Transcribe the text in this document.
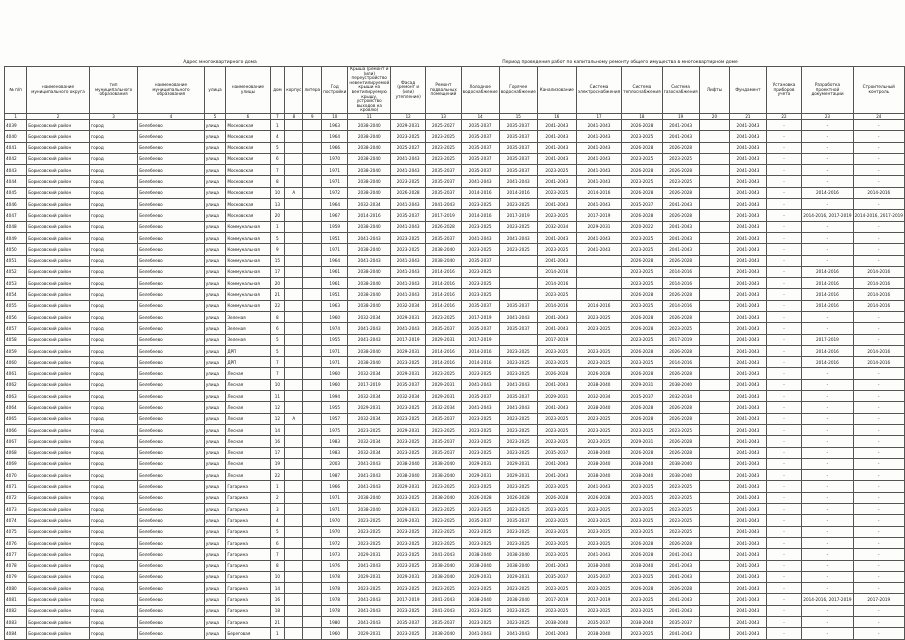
Адрес многоквартирного дома	Период проведения работ по капитальному ремонту общего имущества в многоквартирном доме
№ п/п	наименование муниципального округа	тип муниципального образования	наименование муниципального образования	улица	наименование улицы	дом	корпус	литера	Год постройки	Крыша (ремонт и (или) переустройство невентилируемой крыши на вентилируемую крышу, устройство выходов на кровлю)	Фасад (ремонт и (или) утепление)	Ремонт подвальных помещений	Холодное водоснабжение	Горячее водоснабжение	Канализование	Система электроснабжения	Система теплоснабжения	Система газоснабжения	Лифты	Фундамент	Установка приборов учета	Разработка проектной документации	Строительный контроль
1	2	3	4	5	6	7	8	9	10	11	12	13	14	15	16	17	18	19	20	21	22	23	24
4039	Борисовский район	город	Белебеево	улица	Московская	1			1963	2038-2040	2029-2031	2025-2027	2035-2037	2035-2037	2041-2043	2041-2043	2026-2028	2041-2043		2041-2043	-	-	-
4040	Борисовский район	город	Белебеево	улица	Московская	4			1964	2038-2040	2023-2025	2023-2025	2035-2037	2035-2037	2041-2043	2041-2043	2023-2025	2041-2043		2041-2043	-	-	-
4041	Борисовский район	город	Белебеево	улица	Московская	5			1966	2038-2040	2025-2027	2023-2025	2035-2037	2035-2037	2041-2043	2041-2043	2026-2028	2026-2028		2041-2043	-	-	-
4042	Борисовский район	город	Белебеево	улица	Московская	6			1970	2038-2040	2041-2043	2023-2025	2035-2037	2035-2037	2041-2043	2041-2043	2023-2025	2023-2025		2041-2043	-	-	-
4043	Борисовский район	город	Белебеево	улица	Московская	7			1971	2038-2040	2041-2043	2035-2037	2035-2037	2035-2037	2023-2025	2041-2043	2026-2028	2026-2028		2041-2043	-	-	-
4044	Борисовский район	город	Белебеево	улица	Московская	8			1971	2038-2040	2023-2025	2035-2037	2041-2043	2041-2043	2041-2043	2041-2043	2023-2025	2023-2025		2041-2043	-	-	-
4045	Борисовский район	город	Белебеево	улица	Московская	10	А		1972	2038-2040	2026-2028	2035-2037	2014-2016	2014-2016	2023-2025	2014-2016	2026-2028	2026-2028		2041-2043	-	2014-2016	2014-2016
4046	Борисовский район	город	Белебеево	улица	Московская	13			1964	2032-2034	2041-2043	2041-2043	2023-2025	2023-2025	2041-2043	2041-2043	2035-2037	2041-2043		2041-2043	-	-	-
4047	Борисовский район	город	Белебеево	улица	Московская	20			1967	2014-2016	2035-2037	2017-2019	2014-2016	2017-2019	2023-2025	2017-2019	2026-2028	2026-2028		2041-2043	-	2014-2016, 2017-2019	2014-2016, 2017-2019
4048	Борисовский район	город	Белебеево	улица	Коммунальная	1			1959	2038-2040	2041-2043	2026-2028	2023-2025	2023-2025	2032-2034	2029-2031	2020-2022	2041-2043		2041-2043	-	-	-
4049	Борисовский район	город	Белебеево	улица	Коммунальная	5			1951	2041-2043	2023-2025	2035-2037	2041-2043	2041-2043	2041-2043	2041-2043	2023-2025	2041-2043		2041-2043	-	-	-
4050	Борисовский район	город	Белебеево	улица	Коммунальная	9			1971	2038-2040	2023-2025	2038-2040	2023-2025	2023-2025	2023-2025	2041-2043	2023-2025	2041-2043		2041-2043	-	-	-
4051	Борисовский район	город	Белебеево	улица	Коммунальная	15			1964	2041-2043	2041-2043	2038-2040	2035-2037		2041-2043		2026-2028	2026-2028		2041-2043	-	-	-
4052	Борисовский район	город	Белебеево	улица	Коммунальная	17			1961	2038-2040	2041-2043	2014-2016	2023-2025		2014-2016		2023-2025	2014-2016		2041-2043	-	2014-2016	2014-2016
4053	Борисовский район	город	Белебеево	улица	Коммунальная	20			1961	2038-2040	2041-2043	2014-2016	2023-2025		2014-2016		2023-2025	2014-2016		2041-2043	-	2014-2016	2014-2016
4054	Борисовский район	город	Белебеево	улица	Коммунальная	21			1951	2038-2040	2041-2043	2014-2016	2023-2025		2023-2025		2026-2028	2026-2028		2041-2043	-	2014-2016	2014-2016
4055	Борисовский район	город	Белебеево	улица	Коммунальная	22			1963	2038-2040	2032-2034	2014-2016	2035-2037	2035-2037	2014-2016	2014-2016	2023-2025	2014-2016		2041-2043	-	2014-2016	2014-2016
4056	Борисовский район	город	Белебеево	улица	Зеленая	8			1960	2032-2034	2029-2031	2023-2025	2017-2019	2041-2043	2041-2043	2023-2025	2026-2028	2026-2028		2041-2043	-	-	-
4057	Борисовский район	город	Белебеево	улица	Зеленая	6			1974	2041-2043	2041-2043	2035-2037	2035-2037	2035-2037	2041-2043	2023-2025	2026-2028	2023-2025		2041-2043	-	-	-
4058	Борисовский район	город	Белебеево	улица	Зеленая	5			1955	2041-2043	2017-2019	2029-2031	2017-2019		2017-2019		2023-2025	2017-2019		2041-2043	-	2017-2019	-
4059	Борисовский район	город	Белебеево	улица	ДРП	5			1971	2038-2040	2029-2031	2014-2016	2014-2016	2023-2025	2023-2025	2023-2025	2026-2028	2026-2028		2041-2043	-	2014-2016	2014-2016
4060	Борисовский район	город	Белебеево	улица	ДРП	7			1971	2038-2040	2023-2025	2014-2016	2014-2016	2023-2025	2023-2025	2023-2025	2023-2025	2014-2016		2041-2043	-	2014-2016	2014-2016
4061	Борисовский район	город	Белебеево	улица	Лесная	7			1960	2032-2034	2029-2031	2023-2025	2023-2025	2023-2025	2026-2028	2026-2028	2026-2028	2026-2028		2041-2043	-	-	-
4062	Борисовский район	город	Белебеево	улица	Лесная	10			1960	2017-2019	2035-2037	2029-2031	2041-2043	2041-2043	2041-2043	2038-2040	2029-2031	2038-2040		2041-2043	-	-	-
4063	Борисовский район	город	Белебеево	улица	Лесная	11			1994	2032-2034	2032-2034	2029-2031	2035-2037	2035-2037	2029-2031	2032-2034	2035-2037	2032-2034		2041-2043	-	-	-
4064	Борисовский район	город	Белебеево	улица	Лесная	12			1955	2029-2031	2023-2025	2032-2034	2041-2043	2041-2043	2041-2043	2038-2040	2026-2028	2026-2028		2041-2043	-	-	-
4065	Борисовский район	город	Белебеево	улица	Лесная	12	А		1957	2032-2034	2023-2025	2035-2037	2023-2025	2023-2025	2023-2025	2023-2025	2026-2028	2026-2028		2041-2043	-	-	-
4066	Борисовский район	город	Белебеево	улица	Лесная	14			1975	2023-2025	2029-2031	2023-2025	2023-2025	2023-2025	2023-2025	2023-2025	2023-2025	2023-2025		2041-2043	-	-	-
4067	Борисовский район	город	Белебеево	улица	Лесная	16			1983	2032-2034	2023-2025	2035-2037	2023-2025	2023-2025	2023-2025	2023-2025	2029-2031	2026-2028		2041-2043	-	-	-
4068	Борисовский район	город	Белебеево	улица	Лесная	17			1983	2032-2034	2023-2025	2035-2037	2023-2025	2023-2025	2035-2037	2038-2040	2026-2028	2026-2028		2041-2043	-	-	-
4069	Борисовский район	город	Белебеево	улица	Лесная	19			2003	2041-2043	2038-2040	2038-2040	2029-2031	2029-2031	2041-2043	2038-2040	2038-2040	2038-2040		2041-2043	-	-	-
4070	Борисовский район	город	Белебеево	улица	Лесная	22			1987	2041-2043	2038-2040	2038-2040	2029-2031	2029-2031	2041-2043	2038-2040	2038-2040	2038-2040		2041-2043	-	-	-
4071	Борисовский район	город	Белебеево	улица	Гагарина	1			1966	2041-2043	2029-2031	2023-2025	2023-2025	2023-2025	2023-2025	2041-2043	2023-2025	2023-2025		2041-2043	-	-	-
4072	Борисовский район	город	Белебеево	улица	Гагарина	2			1971	2038-2040	2023-2025	2038-2040	2026-2028	2026-2028	2026-2028	2026-2028	2023-2025	2023-2025		2041-2043	-	-	-
4073	Борисовский район	город	Белебеево	улица	Гагарина	3			1971	2038-2040	2029-2031	2023-2025	2023-2025	2023-2025	2023-2025	2023-2025	2023-2025	2023-2025		2041-2043	-	-	-
4074	Борисовский район	город	Белебеево	улица	Гагарина	4			1970	2023-2025	2029-2031	2023-2025	2035-2037	2035-2037	2023-2025	2023-2025	2023-2025	2023-2025		2041-2043	-	-	-
4075	Борисовский район	город	Белебеево	улица	Гагарина	5			1970	2023-2025	2023-2025	2023-2025	2023-2025	2023-2025	2023-2025	2023-2025	2023-2025	2023-2025		2041-2043	-	-	-
4076	Борисовский район	город	Белебеево	улица	Гагарина	6			1972	2023-2025	2023-2025	2023-2025	2023-2025	2023-2025	2023-2025	2023-2025	2026-2028	2026-2028		2041-2043	-	-	-
4077	Борисовский район	город	Белебеево	улица	Гагарина	7			1973	2029-2031	2023-2025	2041-2043	2038-2040	2038-2040	2023-2025	2041-2043	2026-2028	2041-2043		2041-2043	-	-	-
4078	Борисовский район	город	Белебеево	улица	Гагарина	8			1976	2041-2043	2023-2025	2038-2040	2038-2040	2038-2040	2041-2043	2038-2040	2038-2040	2041-2043		2041-2043	-	-	-
4079	Борисовский район	город	Белебеево	улица	Гагарина	10			1978	2029-2031	2029-2031	2038-2040	2029-2031	2029-2031	2035-2037	2035-2037	2023-2025	2041-2043		2041-2043	-	-	-
4080	Борисовский район	город	Белебеево	улица	Гагарина	14			1978	2023-2025	2023-2025	2023-2025	2023-2025	2023-2025	2023-2025	2023-2025	2026-2028	2026-2028		2041-2043	-	-	-
4081	Борисовский район	город	Белебеево	улица	Гагарина	16			1978	2041-2043	2017-2019	2041-2043	2038-2040	2038-2040	2017-2019	2017-2019	2023-2025	2041-2043		2041-2043	-	2014-2016, 2017-2019	2017-2019
4082	Борисовский район	город	Белебеево	улица	Гагарина	18			1978	2041-2043	2023-2025	2041-2043	2023-2025	2023-2025	2023-2025	2023-2025	2023-2025	2041-2043		2041-2043	-	-	-
4083	Борисовский район	город	Белебеево	улица	Гагарина	21			1980	2041-2043	2035-2037	2035-2037	2023-2025	2023-2025	2038-2040	2035-2037	2038-2040	2035-2037		2041-2043	-	-	-
4084	Борисовский район	город	Белебеево	улица	Береговая	1			1960	2029-2031	2023-2025	2038-2040	2041-2043	2041-2043	2041-2043	2038-2040	2023-2025	2041-2043		2041-2043	-	-	-
